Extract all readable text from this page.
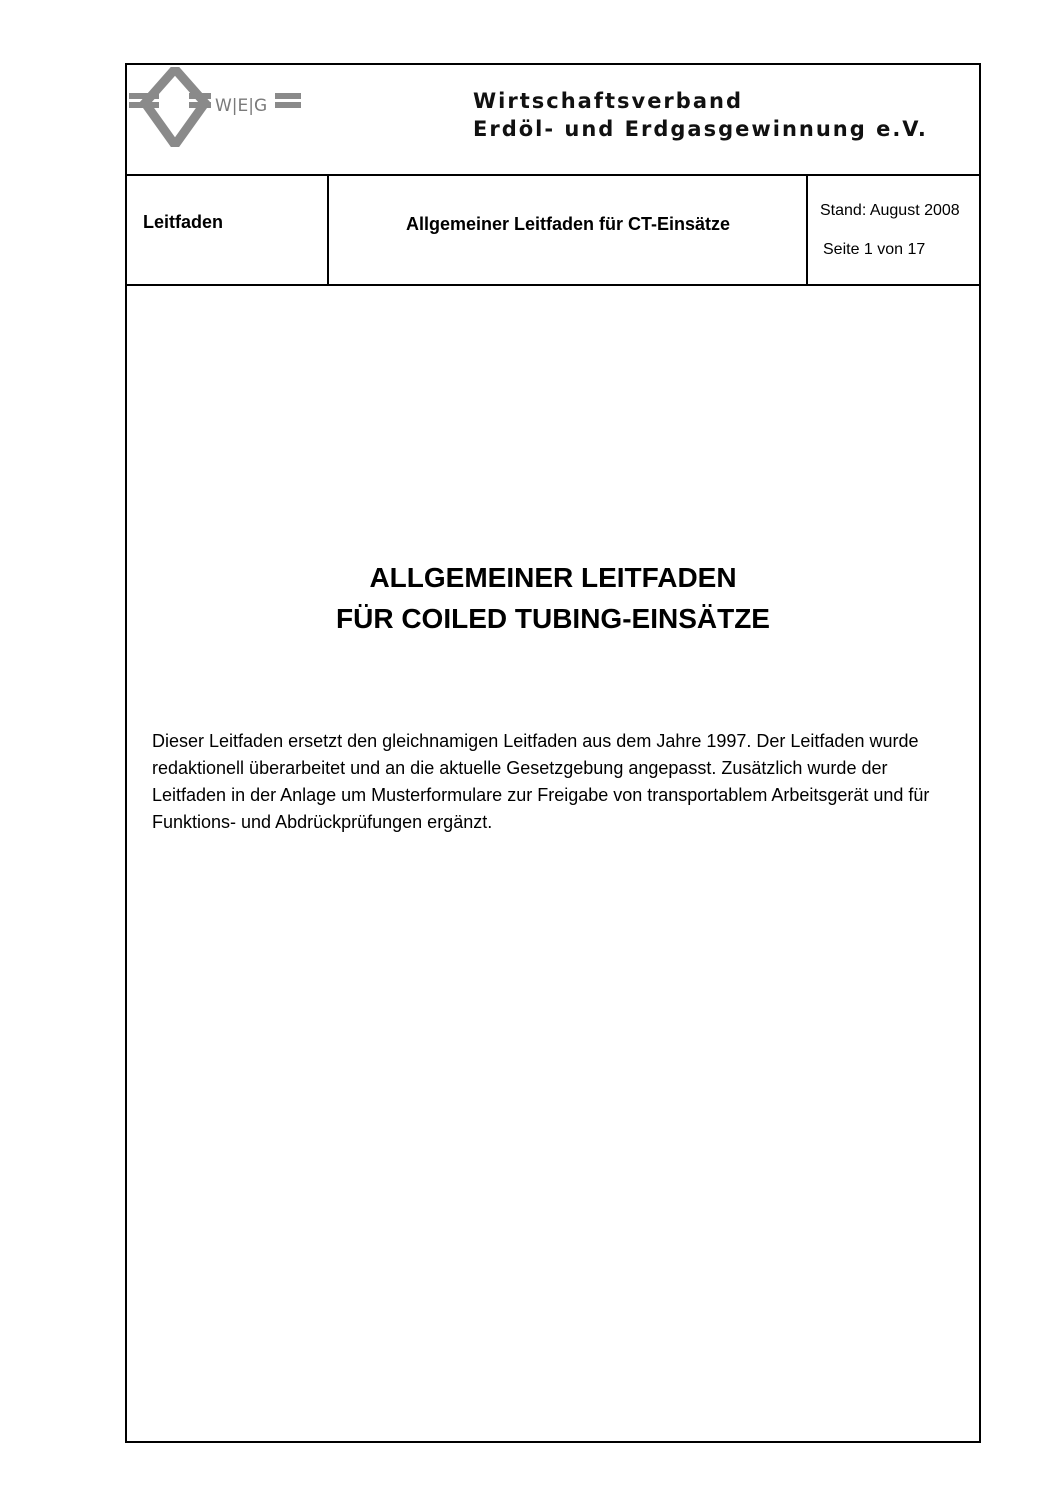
W|E|G	Wirtschaftsverband
Erdöl- und Erdgasgewinnung e.V.
Leitfaden	Allgemeiner Leitfaden für CT-Einsätze
Stand: August 2008
Seite 1 von 17
ALLGEMEINER LEITFADEN
FÜR COILED TUBING-EINSÄTZE
Dieser Leitfaden ersetzt den gleichnamigen Leitfaden aus dem Jahre 1997. Der Leitfaden wurde redaktionell überarbeitet und an die aktuelle Gesetzgebung angepasst. Zusätzlich wurde der Leitfaden in der Anlage um Musterformulare zur Freigabe von transportablem Arbeitsgerät und für Funktions- und Abdrückprüfungen ergänzt.
